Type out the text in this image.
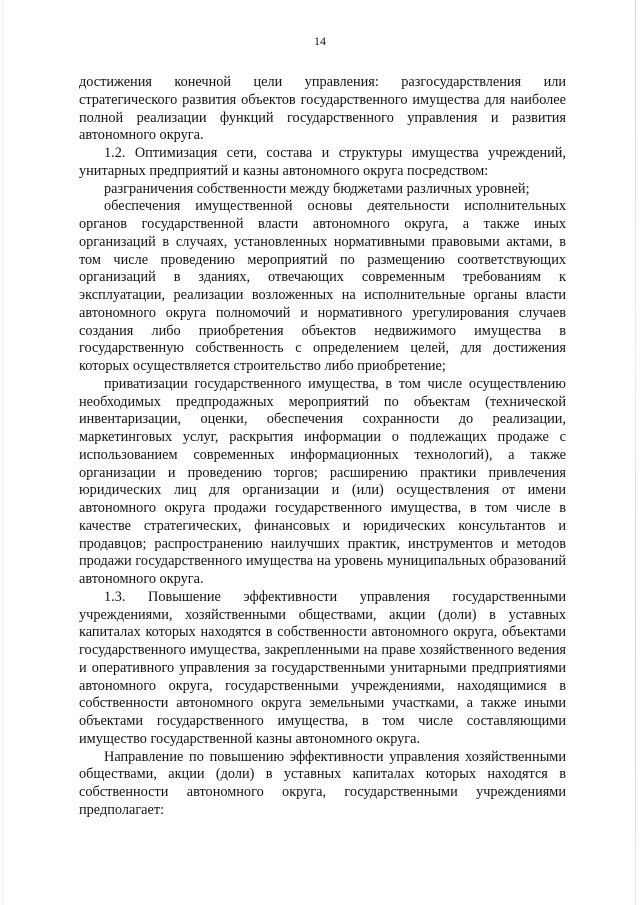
14

достижения конечной цели управления: разгосударствления или стратегического развития объектов государственного имущества для наиболее полной реализации функций государственного управления и развития автономного округа.

1.2. Оптимизация сети, состава и структуры имущества учреждений, унитарных предприятий и казны автономного округа посредством:

разграничения собственности между бюджетами различных уровней;

обеспечения имущественной основы деятельности исполнительных органов государственной власти автономного округа, а также иных организаций в случаях, установленных нормативными правовыми актами, в том числе проведению мероприятий по размещению соответствующих организаций в зданиях, отвечающих современным требованиям к эксплуатации, реализации возложенных на исполнительные органы власти автономного округа полномочий и нормативного урегулирования случаев создания либо приобретения объектов недвижимого имущества в государственную собственность с определением целей, для достижения которых осуществляется строительство либо приобретение;

приватизации государственного имущества, в том числе осуществлению необходимых предпродажных мероприятий по объектам (технической инвентаризации, оценки, обеспечения сохранности до реализации, маркетинговых услуг, раскрытия информации о подлежащих продаже с использованием современных информационных технологий), а также организации и проведению торгов; расширению практики привлечения юридических лиц для организации и (или) осуществления от имени автономного округа продажи государственного имущества, в том числе в качестве стратегических, финансовых и юридических консультантов и продавцов; распространению наилучших практик, инструментов и методов продажи государственного имущества на уровень муниципальных образований автономного округа.

1.3. Повышение эффективности управления государственными учреждениями, хозяйственными обществами, акции (доли) в уставных капиталах которых находятся в собственности автономного округа, объектами государственного имущества, закрепленными на праве хозяйственного ведения и оперативного управления за государственными унитарными предприятиями автономного округа, государственными учреждениями, находящимися в собственности автономного округа земельными участками, а также иными объектами государственного имущества, в том числе составляющими имущество государственной казны автономного округа.

Направление по повышению эффективности управления хозяйственными обществами, акции (доли) в уставных капиталах которых находятся в собственности автономного округа, государственными учреждениями предполагает:
